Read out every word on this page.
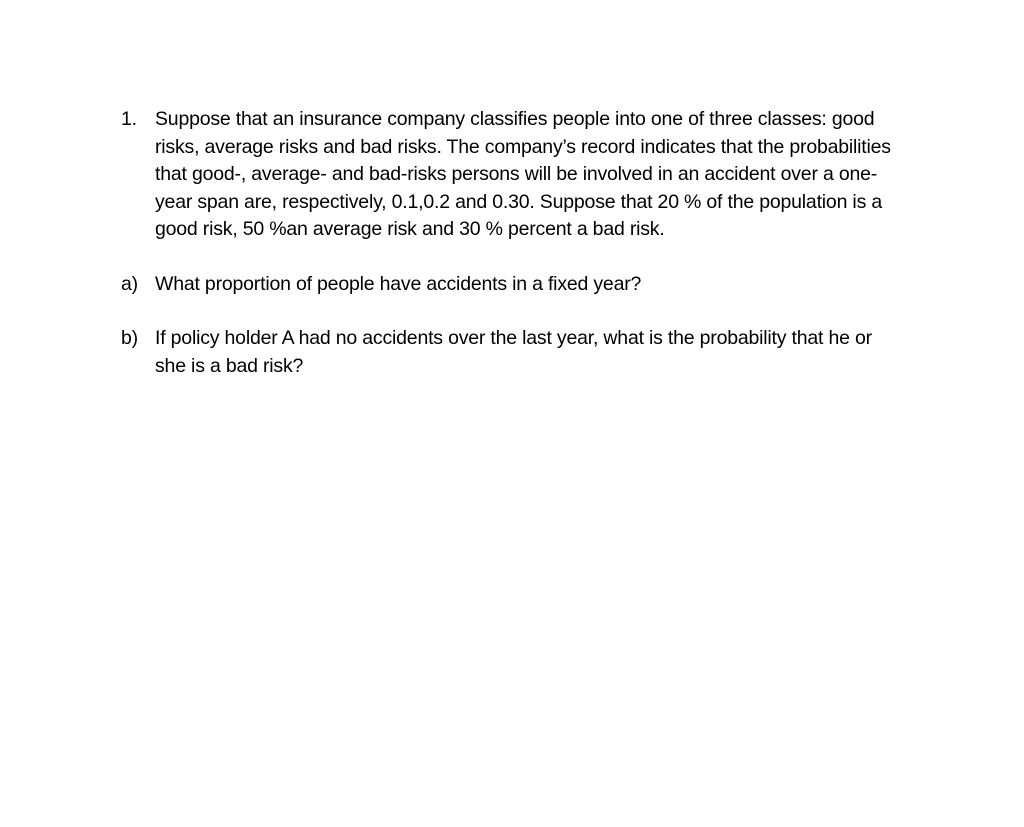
1. Suppose that an insurance company classifies people into one of three classes: good
risks, average risks and bad risks. The company’s record indicates that the probabilities
that good-, average- and bad-risks persons will be involved in an accident over a one-
year span are, respectively, 0.1,0.2 and 0.30. Suppose that 20 % of the population is a
good risk, 50 %an average risk and 30 % percent a bad risk.
a) What proportion of people have accidents in a fixed year?
b) If policy holder A had no accidents over the last year, what is the probability that he or
she is a bad risk?
